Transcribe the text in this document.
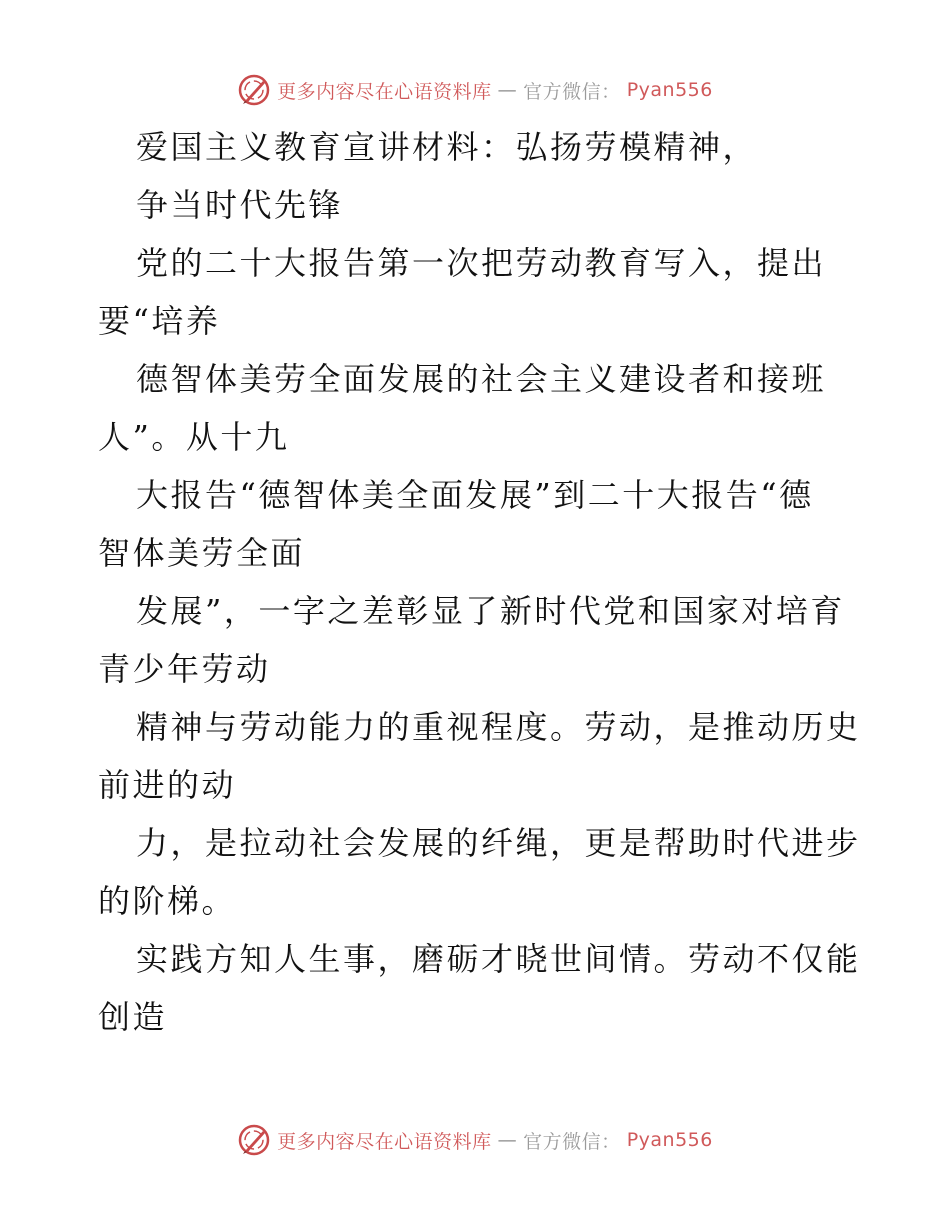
更多内容尽在心语资料库 — 官方微信： Pyan556
爱国主义教育宣讲材料：弘扬劳模精神，
争当时代先锋
党的二十大报告第一次把劳动教育写入，提出
要“培养
德智体美劳全面发展的社会主义建设者和接班
人”。从十九
大报告“德智体美全面发展”到二十大报告“德
智体美劳全面
发展”，一字之差彰显了新时代党和国家对培育
青少年劳动
精神与劳动能力的重视程度。劳动，是推动历史
前进的动
力，是拉动社会发展的纤绳，更是帮助时代进步
的阶梯。
实践方知人生事，磨砺才晓世间情。劳动不仅能
创造
更多内容尽在心语资料库 — 官方微信： Pyan556
